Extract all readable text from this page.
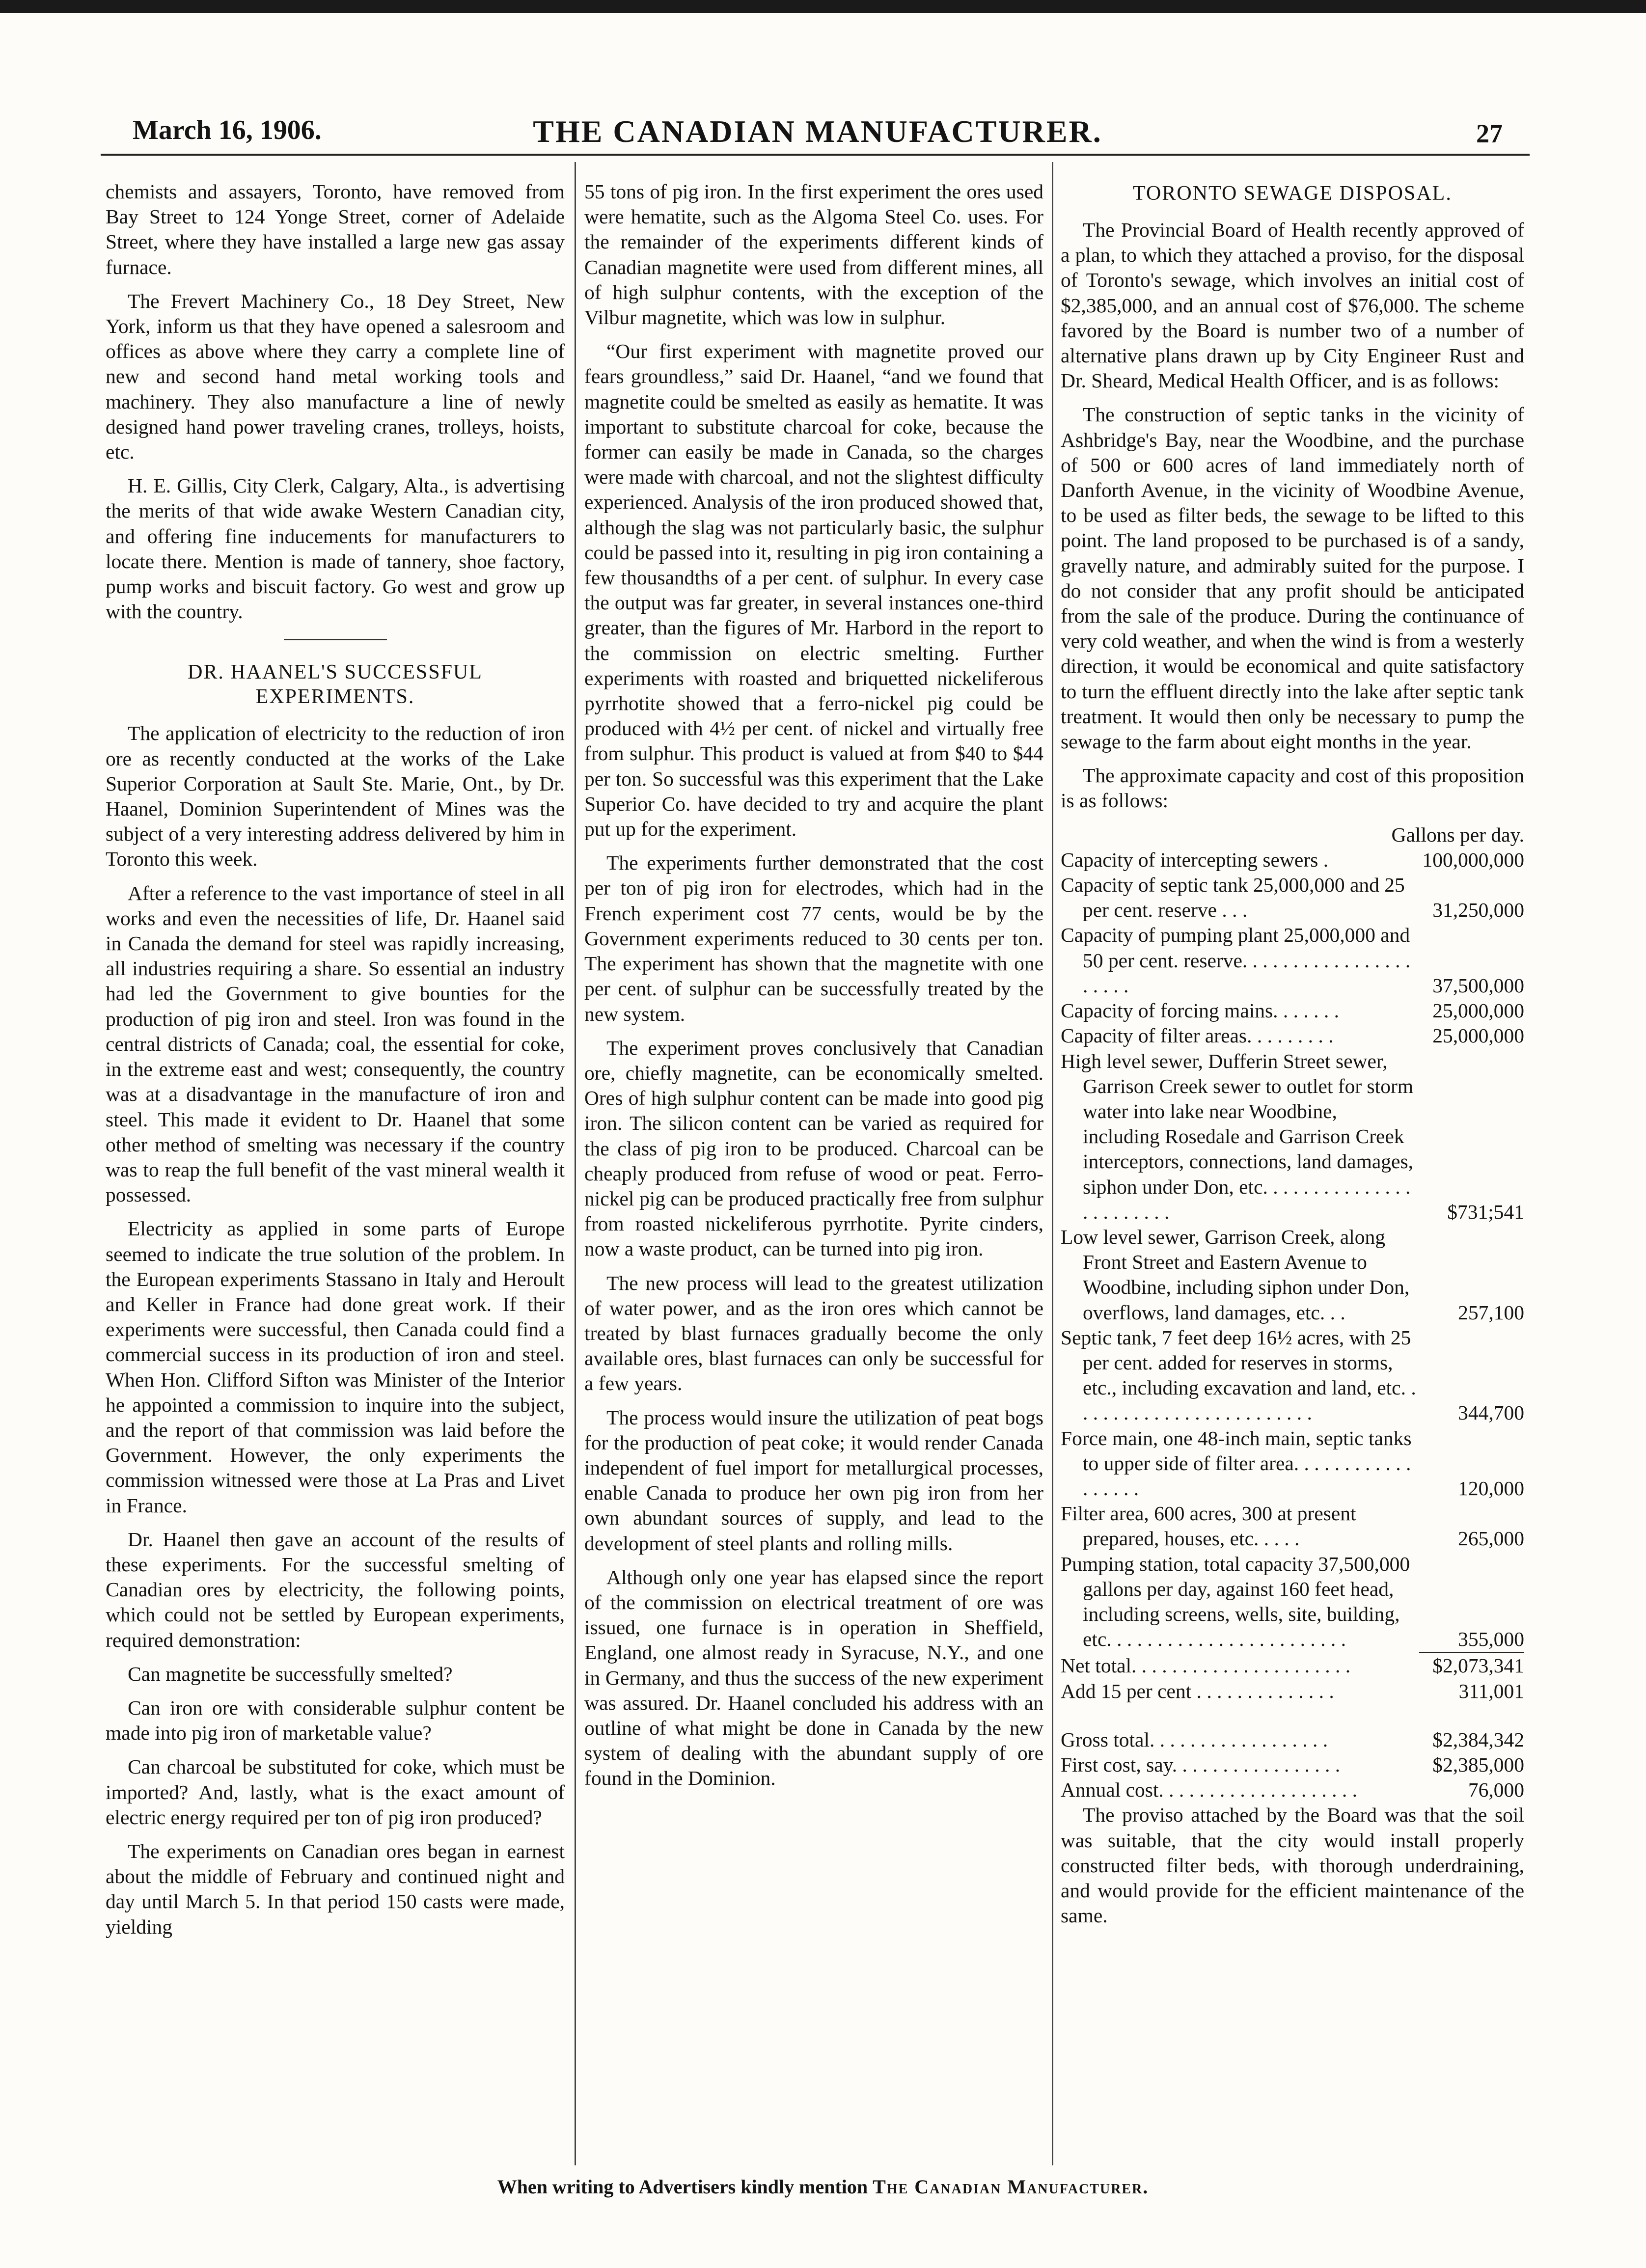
March 16, 1906.	THE CANADIAN MANUFACTURER.	27

chemists and assayers, Toronto, have removed from Bay Street to 124 Yonge Street, corner of Adelaide Street, where they have installed a large new gas assay furnace.

The Frevert Machinery Co., 18 Dey Street, New York, inform us that they have opened a salesroom and offices as above where they carry a complete line of new and second hand metal working tools and machinery. They also manufacture a line of newly designed hand power traveling cranes, trolleys, hoists, etc.

H. E. Gillis, City Clerk, Calgary, Alta., is advertising the merits of that wide awake Western Canadian city, and offering fine inducements for manufacturers to locate there. Mention is made of tannery, shoe factory, pump works and biscuit factory. Go west and grow up with the country.

DR. HAANEL'S SUCCESSFUL EXPERIMENTS.

The application of electricity to the reduction of iron ore as recently conducted at the works of the Lake Superior Corporation at Sault Ste. Marie, Ont., by Dr. Haanel, Dominion Superintendent of Mines was the subject of a very interesting address delivered by him in Toronto this week.

After a reference to the vast importance of steel in all works and even the necessities of life, Dr. Haanel said in Canada the demand for steel was rapidly increasing, all industries requiring a share. So essential an industry had led the Government to give bounties for the production of pig iron and steel. Iron was found in the central districts of Canada; coal, the essential for coke, in the extreme east and west; consequently, the country was at a disadvantage in the manufacture of iron and steel. This made it evident to Dr. Haanel that some other method of smelting was necessary if the country was to reap the full benefit of the vast mineral wealth it possessed.

Electricity as applied in some parts of Europe seemed to indicate the true solution of the problem. In the European experiments Stassano in Italy and Heroult and Keller in France had done great work. If their experiments were successful, then Canada could find a commercial success in its production of iron and steel. When Hon. Clifford Sifton was Minister of the Interior he appointed a commission to inquire into the subject, and the report of that commission was laid before the Government. However, the only experiments the commission witnessed were those at La Pras and Livet in France.

Dr. Haanel then gave an account of the results of these experiments. For the successful smelting of Canadian ores by electricity, the following points, which could not be settled by European experiments, required demonstration:

Can magnetite be successfully smelted?

Can iron ore with considerable sulphur content be made into pig iron of marketable value?

Can charcoal be substituted for coke, which must be imported? And, lastly, what is the exact amount of electric energy required per ton of pig iron produced?

The experiments on Canadian ores began in earnest about the middle of February and continued night and day until March 5. In that period 150 casts were made, yielding

55 tons of pig iron. In the first experiment the ores used were hematite, such as the Algoma Steel Co. uses. For the remainder of the experiments different kinds of Canadian magnetite were used from different mines, all of high sulphur contents, with the exception of the Vilbur magnetite, which was low in sulphur.

“Our first experiment with magnetite proved our fears groundless,” said Dr. Haanel, “and we found that magnetite could be smelted as easily as hematite. It was important to substitute charcoal for coke, because the former can easily be made in Canada, so the charges were made with charcoal, and not the slightest difficulty experienced. Analysis of the iron produced showed that, although the slag was not particularly basic, the sulphur could be passed into it, resulting in pig iron containing a few thousandths of a per cent. of sulphur. In every case the output was far greater, in several instances one-third greater, than the figures of Mr. Harbord in the report to the commission on electric smelting. Further experiments with roasted and briquetted nickeliferous pyrrhotite showed that a ferro-nickel pig could be produced with 4½ per cent. of nickel and virtually free from sulphur. This product is valued at from $40 to $44 per ton. So successful was this experiment that the Lake Superior Co. have decided to try and acquire the plant put up for the experiment.

The experiments further demonstrated that the cost per ton of pig iron for electrodes, which had in the French experiment cost 77 cents, would be by the Government experiments reduced to 30 cents per ton. The experiment has shown that the magnetite with one per cent. of sulphur can be successfully treated by the new system.

The experiment proves conclusively that Canadian ore, chiefly magnetite, can be economically smelted. Ores of high sulphur content can be made into good pig iron. The silicon content can be varied as required for the class of pig iron to be produced. Charcoal can be cheaply produced from refuse of wood or peat. Ferro-nickel pig can be produced practically free from sulphur from roasted nickeliferous pyrrhotite. Pyrite cinders, now a waste product, can be turned into pig iron.

The new process will lead to the greatest utilization of water power, and as the iron ores which cannot be treated by blast furnaces gradually become the only available ores, blast furnaces can only be successful for a few years.

The process would insure the utilization of peat bogs for the production of peat coke; it would render Canada independent of fuel import for metallurgical processes, enable Canada to produce her own pig iron from her own abundant sources of supply, and lead to the development of steel plants and rolling mills.

Although only one year has elapsed since the report of the commission on electrical treatment of ore was issued, one furnace is in operation in Sheffield, England, one almost ready in Syracuse, N.Y., and one in Germany, and thus the success of the new experiment was assured. Dr. Haanel concluded his address with an outline of what might be done in Canada by the new system of dealing with the abundant supply of ore found in the Dominion.

TORONTO SEWAGE DISPOSAL.

The Provincial Board of Health recently approved of a plan, to which they attached a proviso, for the disposal of Toronto's sewage, which involves an initial cost of $2,385,000, and an annual cost of $76,000. The scheme favored by the Board is number two of a number of alternative plans drawn up by City Engineer Rust and Dr. Sheard, Medical Health Officer, and is as follows:

The construction of septic tanks in the vicinity of Ashbridge's Bay, near the Woodbine, and the purchase of 500 or 600 acres of land immediately north of Danforth Avenue, in the vicinity of Woodbine Avenue, to be used as filter beds, the sewage to be lifted to this point. The land proposed to be purchased is of a sandy, gravelly nature, and admirably suited for the purpose. I do not consider that any profit should be anticipated from the sale of the produce. During the continuance of very cold weather, and when the wind is from a westerly direction, it would be economical and quite satisfactory to turn the effluent directly into the lake after septic tank treatment. It would then only be necessary to pump the sewage to the farm about eight months in the year.

The approximate capacity and cost of this proposition is as follows:

Gallons per day.
Capacity of intercepting sewers .	100,000,000
Capacity of septic tank 25,000,000 and 25 per cent. reserve . . .	31,250,000
Capacity of pumping plant 25,000,000 and 50 per cent. reserve. . . . . . . . . . . . . . . . . . . . . .	37,500,000
Capacity of forcing mains. . . . . . .	25,000,000
Capacity of filter areas. . . . . . . . .	25,000,000
High level sewer, Dufferin Street sewer, Garrison Creek sewer to outlet for storm water into lake near Woodbine, including Rosedale and Garrison Creek interceptors, connections, land damages, siphon under Don, etc. . . . . . . . . . . . . . . . . . . . . . . .	$731;541
Low level sewer, Garrison Creek, along Front Street and Eastern Avenue to Woodbine, including siphon under Don, overflows, land damages, etc. . .	257,100
Septic tank, 7 feet deep 16½ acres, with 25 per cent. added for reserves in storms, etc., including excavation and land, etc. . . . . . . . . . . . . . . . . . . . . . . . .	344,700
Force main, one 48-inch main, septic tanks to upper side of filter area. . . . . . . . . . . . . . . . . .	120,000
Filter area, 600 acres, 300 at present prepared, houses, etc. . . . .	265,000
Pumping station, total capacity 37,500,000 gallons per day, against 160 feet head, including screens, wells, site, building, etc. . . . . . . . . . . . . . . . . . . . . . . .	355,000
Net total. . . . . . . . . . . . . . . . . . . . . .	$2,073,341
Add 15 per cent . . . . . . . . . . . . . .	311,001
Gross total. . . . . . . . . . . . . . . . . .	$2,384,342
First cost, say. . . . . . . . . . . . . . . . .	$2,385,000
Annual cost. . . . . . . . . . . . . . . . . . . .	76,000

The proviso attached by the Board was that the soil was suitable, that the city would install properly constructed filter beds, with thorough underdraining, and would provide for the efficient maintenance of the same.

When writing to Advertisers kindly mention The Canadian Manufacturer.
